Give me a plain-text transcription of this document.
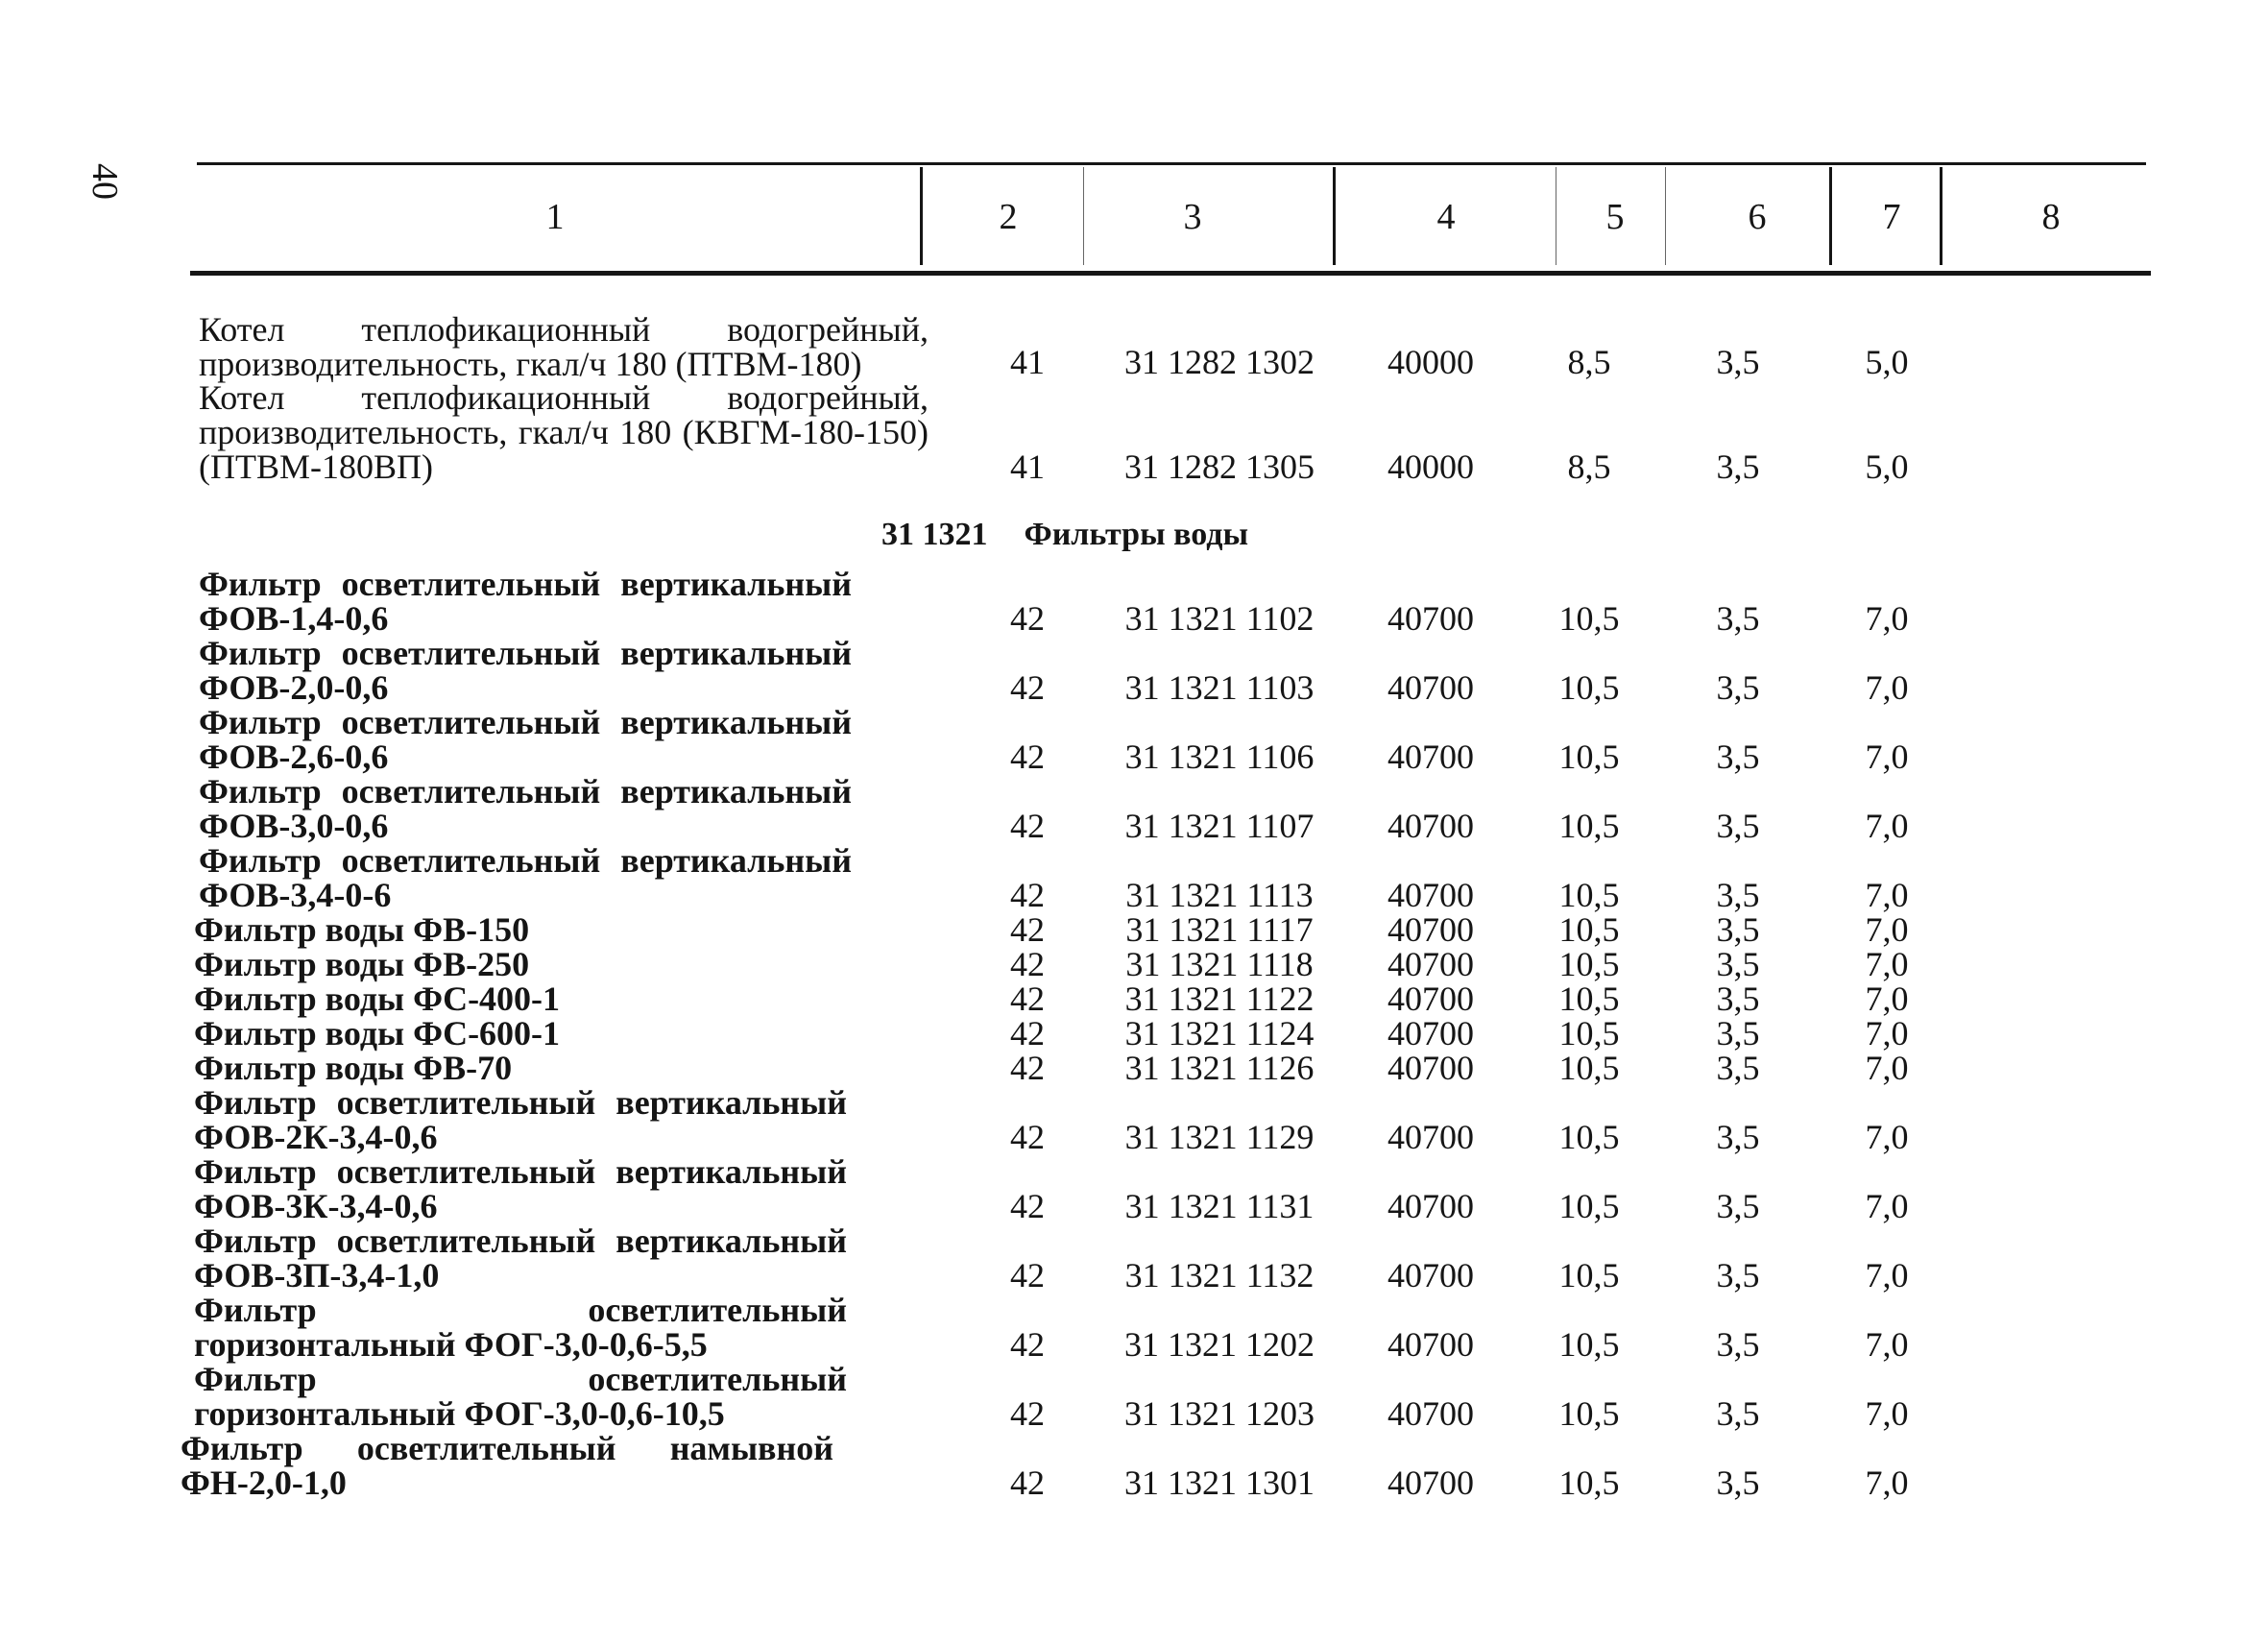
40
1	2	3	4	5	6	7	8
Котел теплофикационный водогрейный, производительность, гкал/ч 180 (ПТВМ-180)	41	31 1282 1302	40000	8,5	3,5	5,0
Котел теплофикационный водогрейный, производительность, гкал/ч 180 (КВГМ-180-150) (ПТВМ-180ВП)	41	31 1282 1305	40000	8,5	3,5	5,0
31 1321 Фильтры воды
Фильтр осветлительный вертикальный ФОВ-1,4-0,6	42	31 1321 1102	40700	10,5	3,5	7,0
Фильтр осветлительный вертикальный ФОВ-2,0-0,6	42	31 1321 1103	40700	10,5	3,5	7,0
Фильтр осветлительный вертикальный ФОВ-2,6-0,6	42	31 1321 1106	40700	10,5	3,5	7,0
Фильтр осветлительный вертикальный ФОВ-3,0-0,6	42	31 1321 1107	40700	10,5	3,5	7,0
Фильтр осветлительный вертикальный ФОВ-3,4-0-6	42	31 1321 1113	40700	10,5	3,5	7,0
Фильтр воды ФВ-150	42	31 1321 1117	40700	10,5	3,5	7,0
Фильтр воды ФВ-250	42	31 1321 1118	40700	10,5	3,5	7,0
Фильтр воды ФС-400-1	42	31 1321 1122	40700	10,5	3,5	7,0
Фильтр воды ФС-600-1	42	31 1321 1124	40700	10,5	3,5	7,0
Фильтр воды ФВ-70	42	31 1321 1126	40700	10,5	3,5	7,0
Фильтр осветлительный вертикальный ФОВ-2К-3,4-0,6	42	31 1321 1129	40700	10,5	3,5	7,0
Фильтр осветлительный вертикальный ФОВ-3К-3,4-0,6	42	31 1321 1131	40700	10,5	3,5	7,0
Фильтр осветлительный вертикальный ФОВ-3П-3,4-1,0	42	31 1321 1132	40700	10,5	3,5	7,0
Фильтр осветлительный горизонтальный ФОГ-3,0-0,6-5,5	42	31 1321 1202	40700	10,5	3,5	7,0
Фильтр осветлительный горизонтальный ФОГ-3,0-0,6-10,5	42	31 1321 1203	40700	10,5	3,5	7,0
Фильтр осветлительный намывной ФН-2,0-1,0	42	31 1321 1301	40700	10,5	3,5	7,0
